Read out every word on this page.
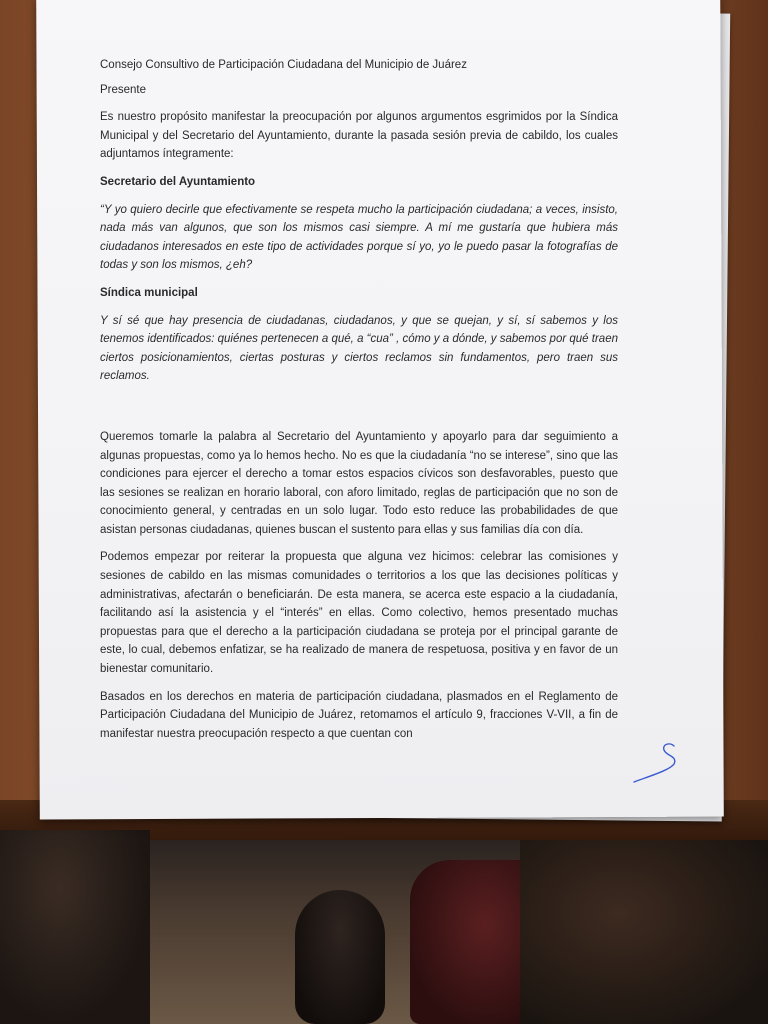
Consejo Consultivo de Participación Ciudadana del Municipio de Juárez

Presente

Es nuestro propósito manifestar la preocupación por algunos argumentos esgrimidos por la Síndica Municipal y del Secretario del Ayuntamiento, durante la pasada sesión previa de cabildo, los cuales adjuntamos íntegramente:

Secretario del Ayuntamiento

“Y yo quiero decirle que efectivamente se respeta mucho la participación ciudadana; a veces, insisto, nada más van algunos, que son los mismos casi siempre. A mí me gustaría que hubiera más ciudadanos interesados en este tipo de actividades porque sí yo, yo le puedo pasar la fotografías de todas y son los mismos, ¿eh?

Síndica municipal

Y sí sé que hay presencia de ciudadanas, ciudadanos, y que se quejan, y sí, sí sabemos y los tenemos identificados: quiénes pertenecen a qué, a “cua” , cómo y a dónde, y sabemos por qué traen ciertos posicionamientos, ciertas posturas y ciertos reclamos sin fundamentos, pero traen sus reclamos.

Queremos tomarle la palabra al Secretario del Ayuntamiento y apoyarlo para dar seguimiento a algunas propuestas, como ya lo hemos hecho. No es que la ciudadanía “no se interese”, sino que las condiciones para ejercer el derecho a tomar estos espacios cívicos son desfavorables, puesto que las sesiones se realizan en horario laboral, con aforo limitado, reglas de participación que no son de conocimiento general, y centradas en un solo lugar. Todo esto reduce las probabilidades de que asistan personas ciudadanas, quienes buscan el sustento para ellas y sus familias día con día.

Podemos empezar por reiterar la propuesta que alguna vez hicimos: celebrar las comisiones y sesiones de cabildo en las mismas comunidades o territorios a los que las decisiones políticas y administrativas, afectarán o beneficiarán. De esta manera, se acerca este espacio a la ciudadanía, facilitando así la asistencia y el “interés” en ellas. Como colectivo, hemos presentado muchas propuestas para que el derecho a la participación ciudadana se proteja por el principal garante de este, lo cual, debemos enfatizar, se ha realizado de manera de respetuosa, positiva y en favor de un bienestar comunitario.

Basados en los derechos en materia de participación ciudadana, plasmados en el Reglamento de Participación Ciudadana del Municipio de Juárez, retomamos el artículo 9, fracciones V-VII, a fin de manifestar nuestra preocupación respecto a que cuentan con
